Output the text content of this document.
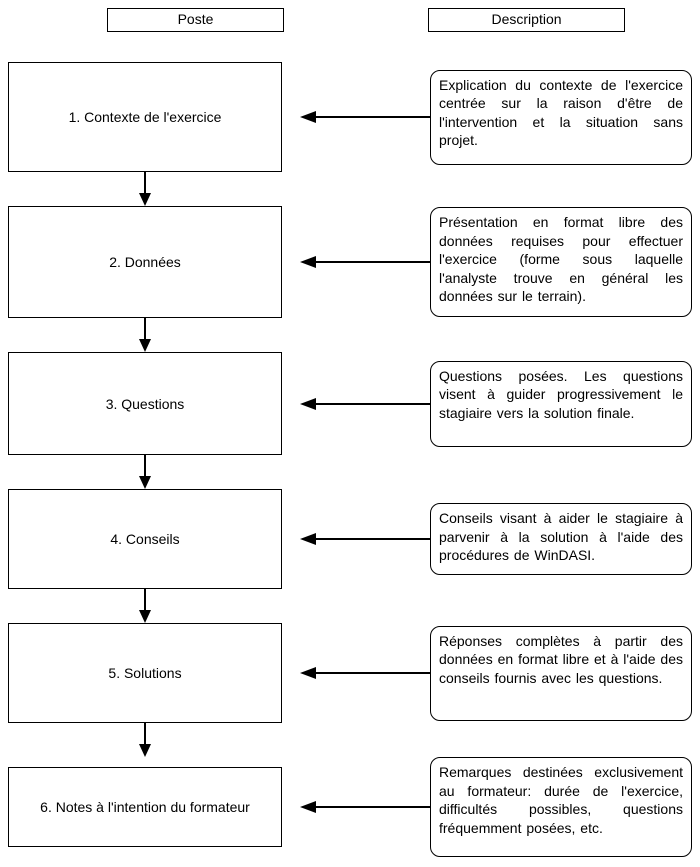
Poste	Description
1. Contexte de l'exercice
Explication du contexte de l'exercice centrée sur la raison d'être de l'intervention et la situation sans projet.
2. Données
Présentation en format libre des données requises pour effectuer l'exercice (forme sous laquelle l'analyste trouve en général les données sur le terrain).
3. Questions
Questions posées. Les questions visent à guider progressivement le stagiaire vers la solution finale.
4. Conseils
Conseils visant à aider le stagiaire à parvenir à la solution à l'aide des procédures de WinDASI.
5. Solutions
Réponses complètes à partir des données en format libre et à l'aide des conseils fournis avec les questions.
6. Notes à l'intention du formateur
Remarques destinées exclusivement au formateur: durée de l'exercice, difficultés possibles, questions fréquemment posées, etc.
